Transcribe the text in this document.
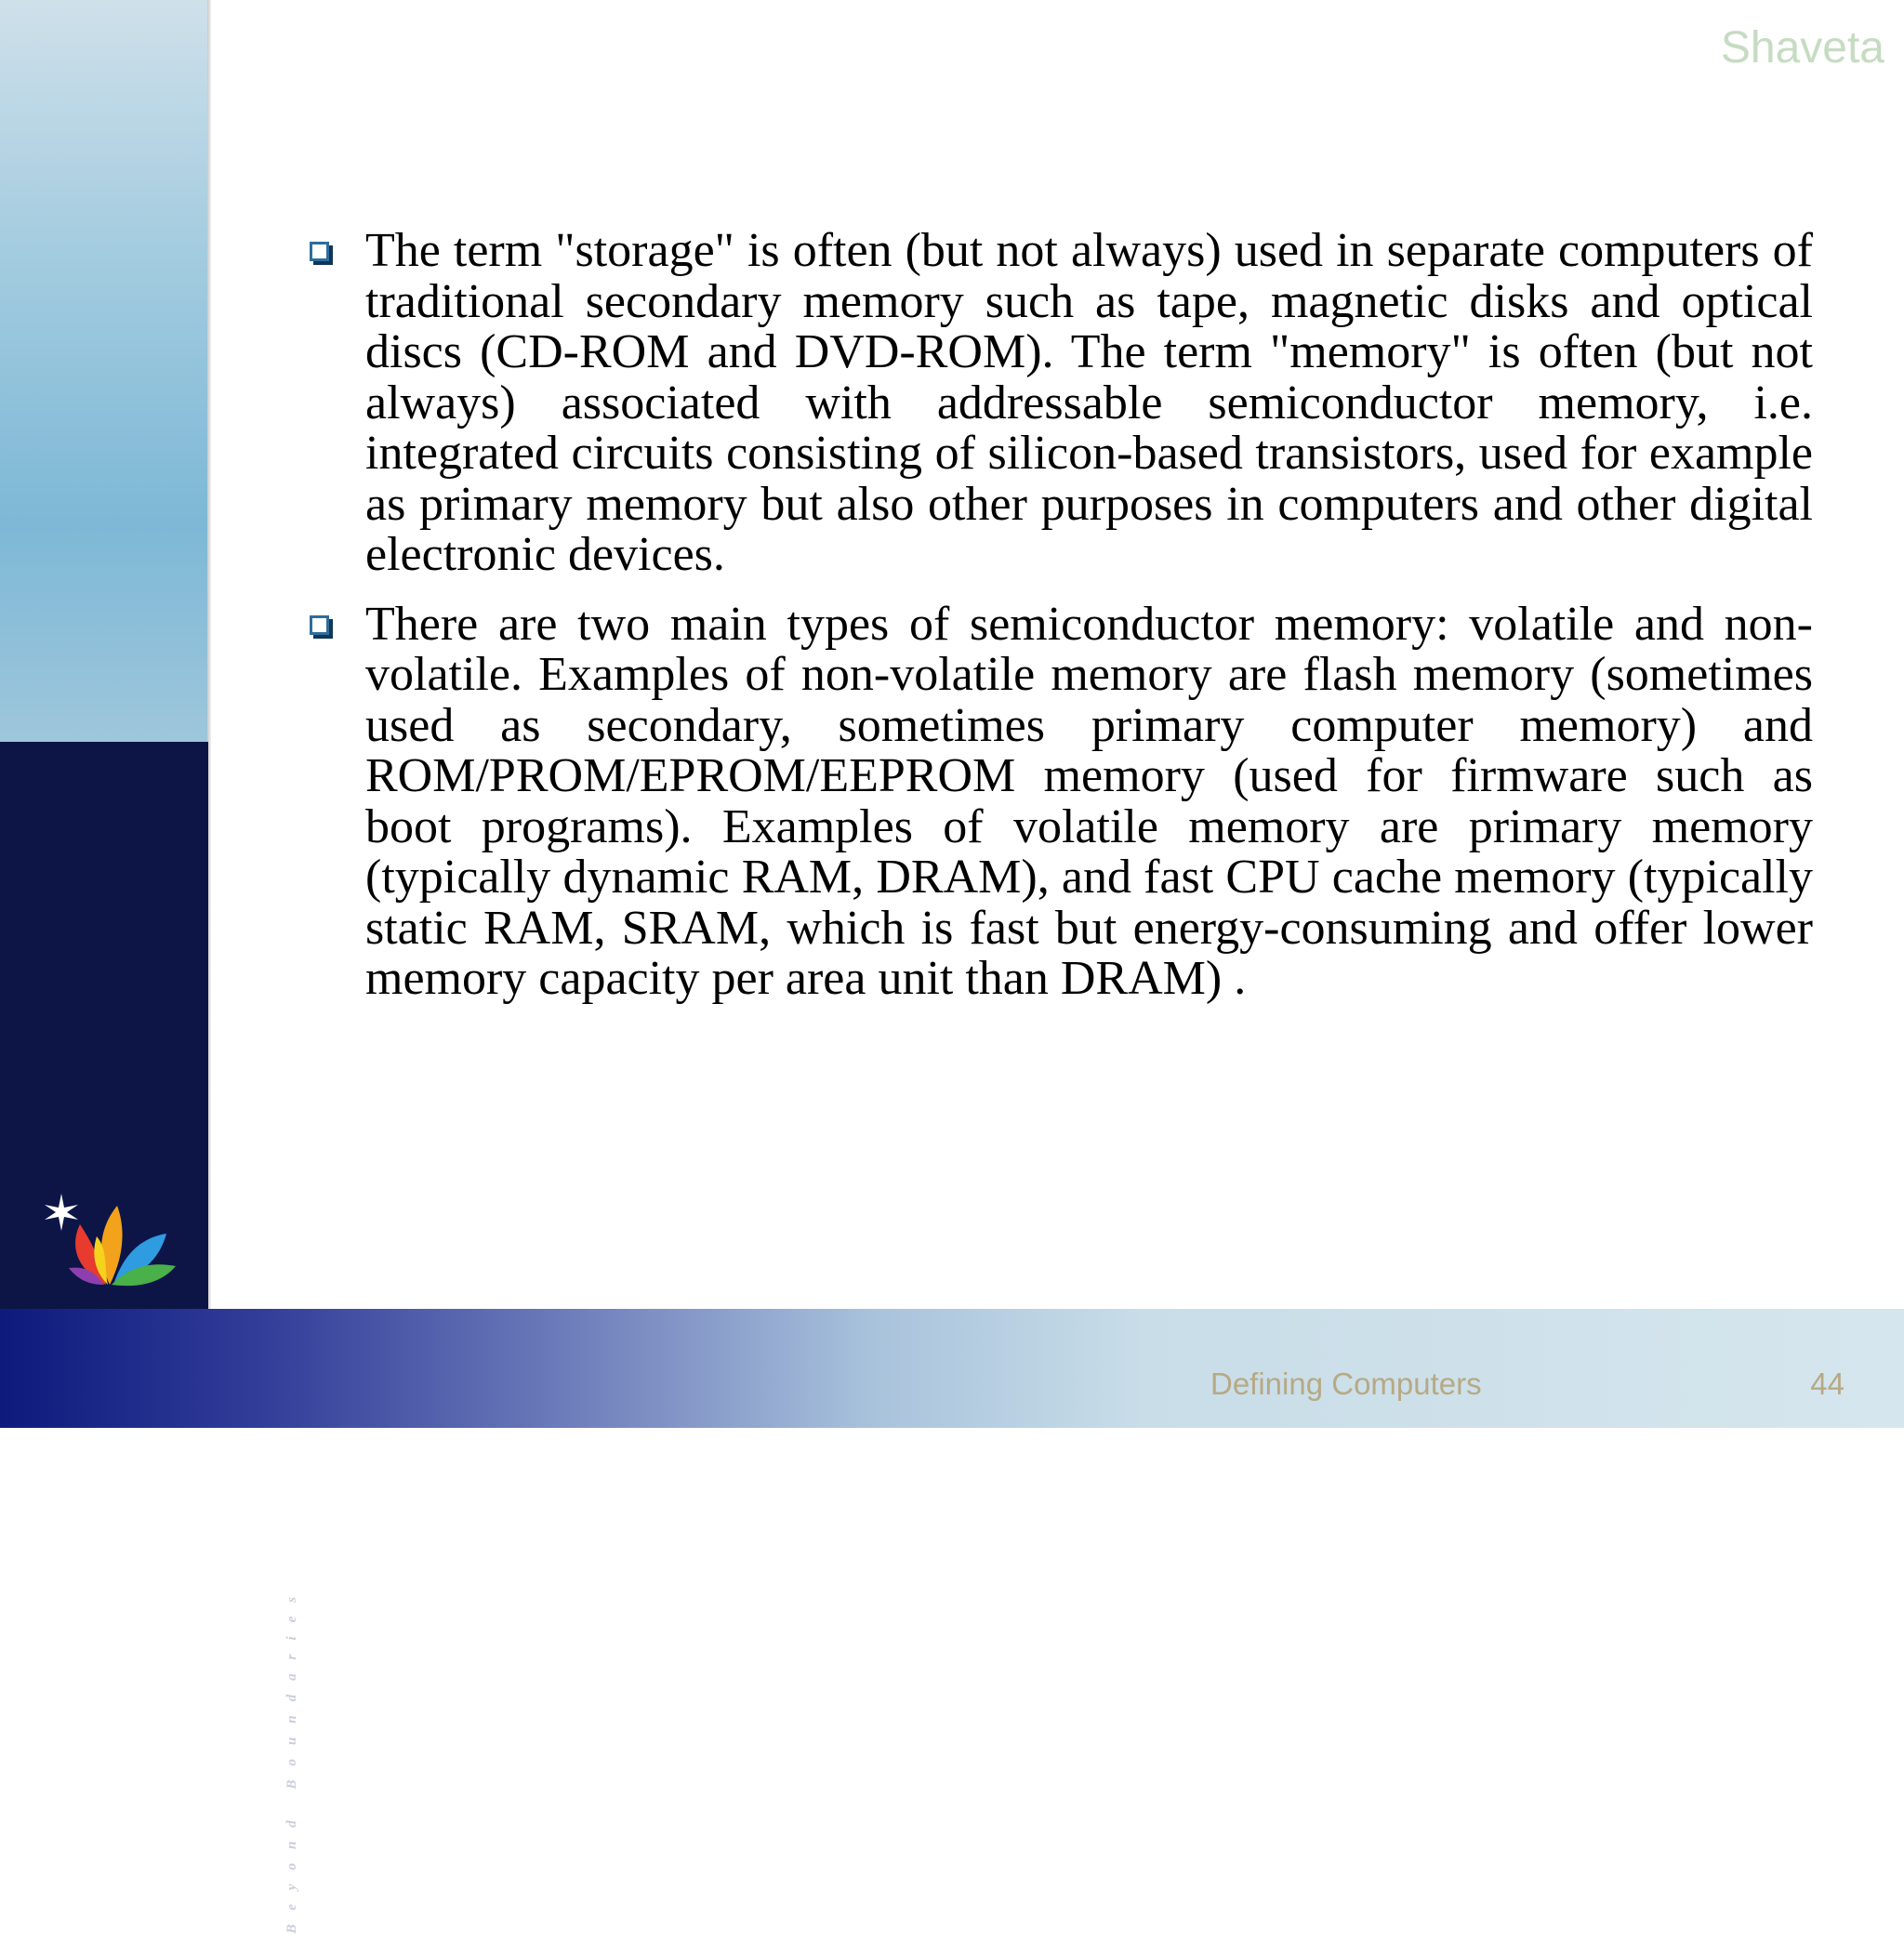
SHARDA
UNIVERSITY
Beyond Boundaries
Shaveta
The term "storage" is often (but not always) used in separate computers of traditional secondary memory such as tape, magnetic disks and optical discs (CD-ROM and DVD-ROM). The term "memory" is often (but not always) associated with addressable semiconductor memory, i.e. integrated circuits consisting of silicon-based transistors, used for example as primary memory but also other purposes in computers and other digital electronic devices.
There are two main types of semiconductor memory: volatile and non-volatile. Examples of non-volatile memory are flash memory (sometimes used as secondary, sometimes primary computer memory) and ROM/PROM/EPROM/EEPROM memory (used for firmware such as boot programs). Examples of volatile memory are primary memory (typically dynamic RAM, DRAM), and fast CPU cache memory (typically static RAM, SRAM, which is fast but energy-consuming and offer lower memory capacity per area unit than DRAM) .
Defining Computers	44
